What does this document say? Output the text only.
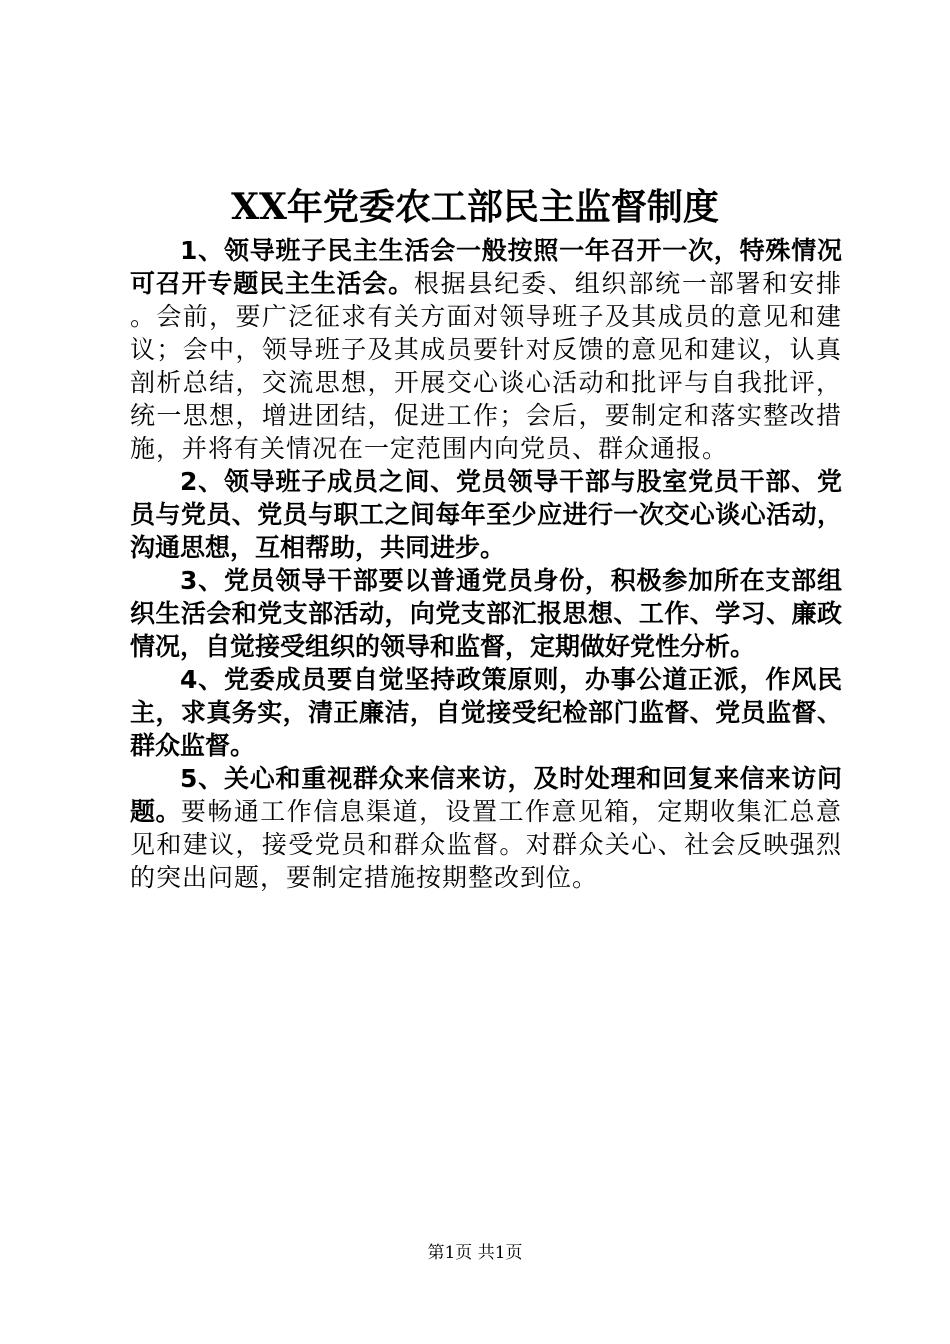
XX年党委农工部民主监督制度

1、领导班子民主生活会一般按照一年召开一次，特殊情况可召开专题民主生活会。根据县纪委、组织部统一部署和安排。会前，要广泛征求有关方面对领导班子及其成员的意见和建议；会中，领导班子及其成员要针对反馈的意见和建议，认真剖析总结，交流思想，开展交心谈心活动和批评与自我批评，统一思想，增进团结，促进工作；会后，要制定和落实整改措施，并将有关情况在一定范围内向党员、群众通报。

2、领导班子成员之间、党员领导干部与股室党员干部、党员与党员、党员与职工之间每年至少应进行一次交心谈心活动，沟通思想，互相帮助，共同进步。

3、党员领导干部要以普通党员身份，积极参加所在支部组织生活会和党支部活动，向党支部汇报思想、工作、学习、廉政情况，自觉接受组织的领导和监督，定期做好党性分析。

4、党委成员要自觉坚持政策原则，办事公道正派，作风民主，求真务实，清正廉洁，自觉接受纪检部门监督、党员监督、群众监督。

5、关心和重视群众来信来访，及时处理和回复来信来访问题。要畅通工作信息渠道，设置工作意见箱，定期收集汇总意见和建议，接受党员和群众监督。对群众关心、社会反映强烈的突出问题，要制定措施按期整改到位。

第1页 共1页
